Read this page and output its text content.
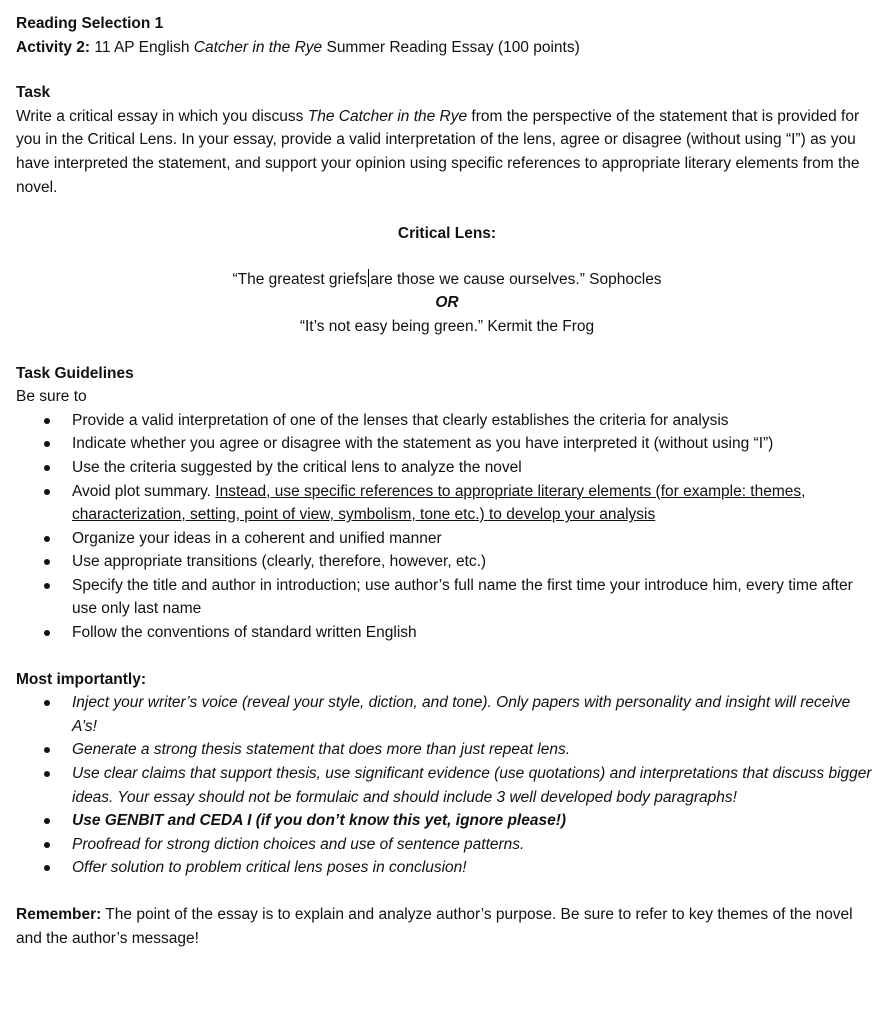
Reading Selection 1
Activity 2: 11 AP English Catcher in the Rye Summer Reading Essay (100 points)
Task
Write a critical essay in which you discuss The Catcher in the Rye from the perspective of the statement that is provided for you in the Critical Lens. In your essay, provide a valid interpretation of the lens, agree or disagree (without using “I”) as you have interpreted the statement, and support your opinion using specific references to appropriate literary elements from the novel.
Critical Lens:
“The greatest griefs are those we cause ourselves.” Sophocles
OR
“It’s not easy being green.” Kermit the Frog
Task Guidelines
Be sure to
Provide a valid interpretation of one of the lenses that clearly establishes the criteria for analysis
Indicate whether you agree or disagree with the statement as you have interpreted it (without using “I”)
Use the criteria suggested by the critical lens to analyze the novel
Avoid plot summary. Instead, use specific references to appropriate literary elements (for example: themes, characterization, setting, point of view, symbolism, tone etc.) to develop your analysis
Organize your ideas in a coherent and unified manner
Use appropriate transitions (clearly, therefore, however, etc.)
Specify the title and author in introduction; use author’s full name the first time your introduce him, every time after use only last name
Follow the conventions of standard written English
Most importantly:
Inject your writer’s voice (reveal your style, diction, and tone). Only papers with personality and insight will receive A’s!
Generate a strong thesis statement that does more than just repeat lens.
Use clear claims that support thesis, use significant evidence (use quotations) and interpretations that discuss bigger ideas. Your essay should not be formulaic and should include 3 well developed body paragraphs!
Use GENBIT and CEDA I (if you don’t know this yet, ignore please!)
Proofread for strong diction choices and use of sentence patterns.
Offer solution to problem critical lens poses in conclusion!
Remember: The point of the essay is to explain and analyze author’s purpose. Be sure to refer to key themes of the novel and the author’s message!
